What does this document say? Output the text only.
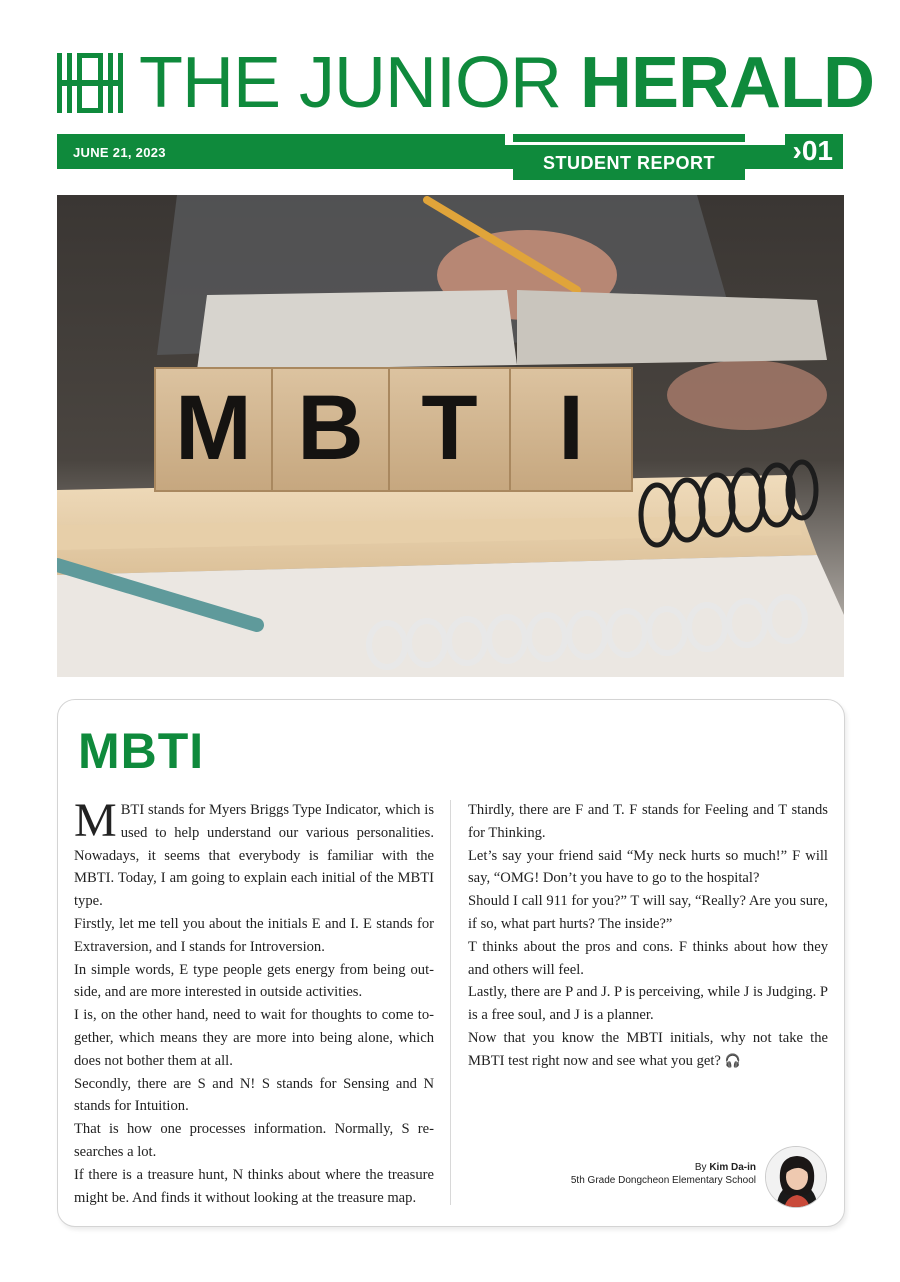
THE JUNIOR HERALD
JUNE 21, 2023
STUDENT REPORT	›01
M B T I
MBTI

MBTI stands for Myers Briggs Type Indicator, which is used to help understand our various personalities. Nowadays, it seems that everybody is familiar with the MBTI. Today, I am going to explain each initial of the MBTI type.

Firstly, let me tell you about the initials E and I. E stands for Extraversion, and I stands for Introversion.

In simple words, E type people gets energy from being out-side, and are more interested in outside activities.

I is, on the other hand, need to wait for thoughts to come to-gether, which means they are more into being alone, which does not bother them at all.

Secondly, there are S and N! S stands for Sensing and N stands for Intuition.

That is how one processes information. Normally, S re-searches a lot.

If there is a treasure hunt, N thinks about where the treasure might be. And finds it without looking at the treasure map.

Thirdly, there are F and T. F stands for Feeling and T stands for Thinking.

Let’s say your friend said “My neck hurts so much!” F will say, “OMG! Don’t you have to go to the hospital?

Should I call 911 for you?” T will say, “Really? Are you sure, if so, what part hurts? The inside?”

T thinks about the pros and cons. F thinks about how they and others will feel.

Lastly, there are P and J. P is perceiving, while J is Judging. P is a free soul, and J is a planner.

Now that you know the MBTI initials, why not take the MBTI test right now and see what you get? 🎧

By Kim Da-in
5th Grade Dongcheon Elementary School
